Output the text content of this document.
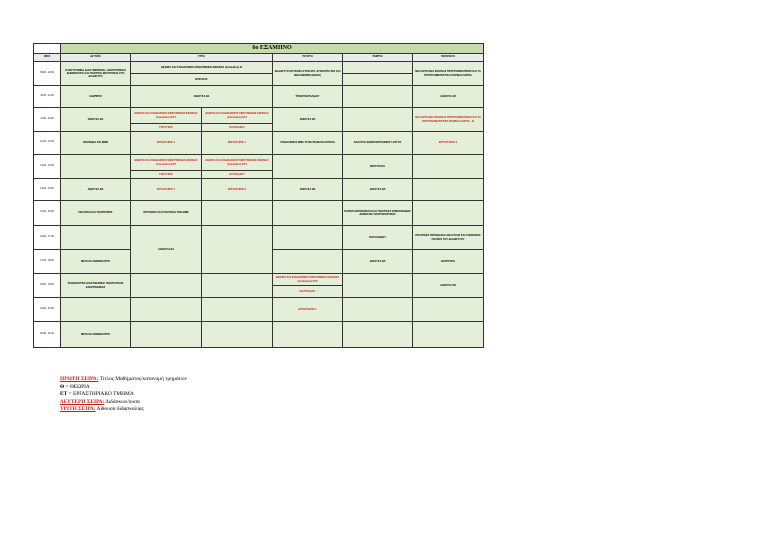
	6ο ΕΞΑΜΗΝΟ					
ΩΡΕΣ	ΔΕΥΤΕΡΑ	ΤΡΙΤΗ		ΤΕΤΑΡΤΗ	ΠΕΜΠΤΗ	ΠΑΡΑΣΚΕΥΗ
09:00 - 10:00	ΗΛΕΚΤΡΟΝΙΚΗ ΔΙΑΚΥΒΕΡΝΗΣΗ, ΗΛΕΚΤΡΟΝΙΚΗ ΔΗΜΟΚΡΑΤΙΑ ΚΑΙ ΠΟΛΙΤΙΚΗ ΕΚΣΤΡΑΤΕΙΑ ΣΤΟ ΔΙΑΔΙΚΤΥΟ	ΘΕΩΡΙΑ ΚΑΙ ΣΧΕΔΙΑΣΜΟΣ ΚΙΝΟΥΜΕΝΗΣ ΕΙΚΟΝΑΣ (Animation) Θ		ΔΙΑΔΙΚΤΥΟ ΚΡΥΦΩΣΗ ΣΤΗΝ ΕΠΙ: ΔΥΝΑΤΟΤΗΤΕΣ ΚΑΙ ΜΗΧΑΝΙΣΜΟΙ (ΘΗΚΗ)		ΝΕΑ ΕΡΓΑΛΕΙΑ ΕΙΚΟΝΑΣ ΠΡΟΓΡΑΜΜΑΤΙΣΜΟ ΚΑΙ ΤΑ ΠΡΟΓΡΑΜΜΑΤΙΣΤΙΚΑ ΠΕΡΙΒΑΛΛΟΝΤΑ
		ΒΡΕΓΚΑΣ				
10:00 - 11:00	ΛΑΜΠΡΟΣ	ΑΙΘΟΥΣΑ Β4		ΤΡΙΑΝΤΑΦΥΛΛΙΔΟΥ		ΑΙΘΟΥΣΑ Β5
11:00 - 12:00	ΑΙΘΟΥΣΑ Β4	ΘΕΩΡΙΑ ΚΑΙ ΣΧΕΔΙΑΣΜΟΣ ΚΙΝΟΥΜΕΝΗΣ ΕΙΚΟΝΑΣ (Animation) ΕΤ1	ΘΕΩΡΙΑ ΚΑΙ ΣΧΕΔΙΑΣΜΟΣ ΚΙΝΟΥΜΕΝΗΣ ΕΙΚΟΝΑΣ (Animation) ΕΤ2	ΑΙΘΟΥΣΑ Β4		ΝΕΑ ΕΡΓΑΛΕΙΑ ΕΙΚΟΝΑΣ ΠΡΟΓΡΑΜΜΑΤΙΣΜΟ ΚΑΙ ΤΑ ΠΡΟΓΡΑΜΜΑΤΙΣΤΙΚΑ ΠΕΡΙΒΑΛΛΟΝΤΑ - Θ
		ΓΚΟΥΤΣΟΣ	ΚΑΛΤΣΑΔΟΥ			
12:00 - 13:00	ΠΑΙΧΝΙΔΙΑ ΚΑΙ MMR	ΕΡΓΑΣΤΗΡΙΟ 1	ΕΡΓΑΣΤΗΡΙΟ 1	ΣΧΕΔΙΑΣΜΟΣ ΜΜΕ ΣΤΗΝ ΨΗΦΙΑΚΗ ΕΠΟΧΗ	ΑΝΑΛΥΣΗ ΔΗΜΟΣΙΟΓΡΑΦΙΚΟΥ ΛΟΓΟΥ	ΕΡΓΑΣΤΗΡΙΟ 1
13:00 - 14:00		ΘΕΩΡΙΑ ΚΑΙ ΣΧΕΔΙΑΣΜΟΣ ΚΙΝΟΥΜΕΝΗΣ ΕΙΚΟΝΑΣ (Animation) ΕΤ3	ΘΕΩΡΙΑ ΚΑΙ ΣΧΕΔΙΑΣΜΟΣ ΚΙΝΟΥΜΕΝΗΣ ΕΙΚΟΝΑΣ (Animation) ΕΤ4		ΜΠΟΤΣΑΡΗ	
		ΓΚΟΥΤΣΟΣ	ΚΑΛΤΣΑΔΟΥ			
14:00 - 15:00	ΑΙΘΟΥΣΑ Β5	ΕΡΓΑΣΤΗΡΙΟ 1	ΕΡΓΑΣΤΗΡΙΟ 2	ΑΙΘΟΥΣΑ Β5	ΑΙΘΟΥΣΑ Β5	
15:00 - 16:00	ΠΟΛΙΤΙΚΗ ΚΑΙ ΠΟΛΙΤΙΣΜΟΣ	ΟΡΓΑΝΩΣΗ ΚΑΙ ΠΟΛΙΤΙΚΗ ΤΟΝ ΜΜΕ			ΠΑΡΑΠΛΗΡΟΦΟΡΗΣΗ ΚΑΙ ΠΟΛΙΤΙΚΕΣ ΕΠΙΚΟΙΝΩΝΙΑΣ ΔΗΜΟΣΙΑΣ ΠΛΗΡΟΦΟΡΗΣΗΣ	
16:00 - 17:00		ΑΙΘΟΥΣΑ Β4			ΠΟΛΥΖΩΙΔΟΥ	ΠΟΛΙΤΙΚΕΣ ΠΡΟΣΒΑΣΗΣ ΑΝΑΛΥΣΗΣ ΚΑΙ ΓΝΩΜΗΣΗΣ ΠΛΑΙΣΙΟ ΤΟΥ ΔΙΑΔΙΚΤΥΟΥ
17:00 - 18:00	ΜΕΓΑΛΟ ΑΜΦΙΘΕΑΤΡΟ				ΑΙΘΟΥΣΑ Β5	ΒΟΥΡΓΑΡΗ
18:00 - 19:00	ΤΕΧΝΟΛΟΓΙΕΣ ΔΙΑΚΥΒΕΡΝΗΣ ΠΟΛΙΤΙΣΤΙΚΗΣ ΚΛΗΡΟΝΟΜΙΑΣ			ΘΕΩΡΙΑ ΚΑΙ ΣΧΕΔΙΑΣΜΟΣ ΚΙΝΟΥΜΕΝΗΣ ΕΙΚΟΝΑΣ (Animation) ΕΤ5		ΑΙΘΟΥΣΑ Β5
				ΚΑΛΤΣΑΔΟΥ		
19:00 - 20:00				ΕΡΓΑΣΤΗΡΙΟ 1		
20:00 - 21:00	ΜΕΓΑΛΟ ΑΜΦΙΘΕΑΤΡΟ					
ΠΡΩΤΗ ΣΕΙΡΑ: Τίτλος Μαθήματος/κατανομή τμημάτων
Θ = ΘΕΩΡΙΑ
ΕΤ = ΕΡΓΑΣΤΗΡΙΑΚΟ ΤΜΗΜΑ
ΔΕΥΤΕΡΗ ΣΕΙΡΑ: Διδάσκων/ουσα
ΤΡΙΤΗ ΣΕΙΡΑ: Αίθουσα διδασκαλίας
